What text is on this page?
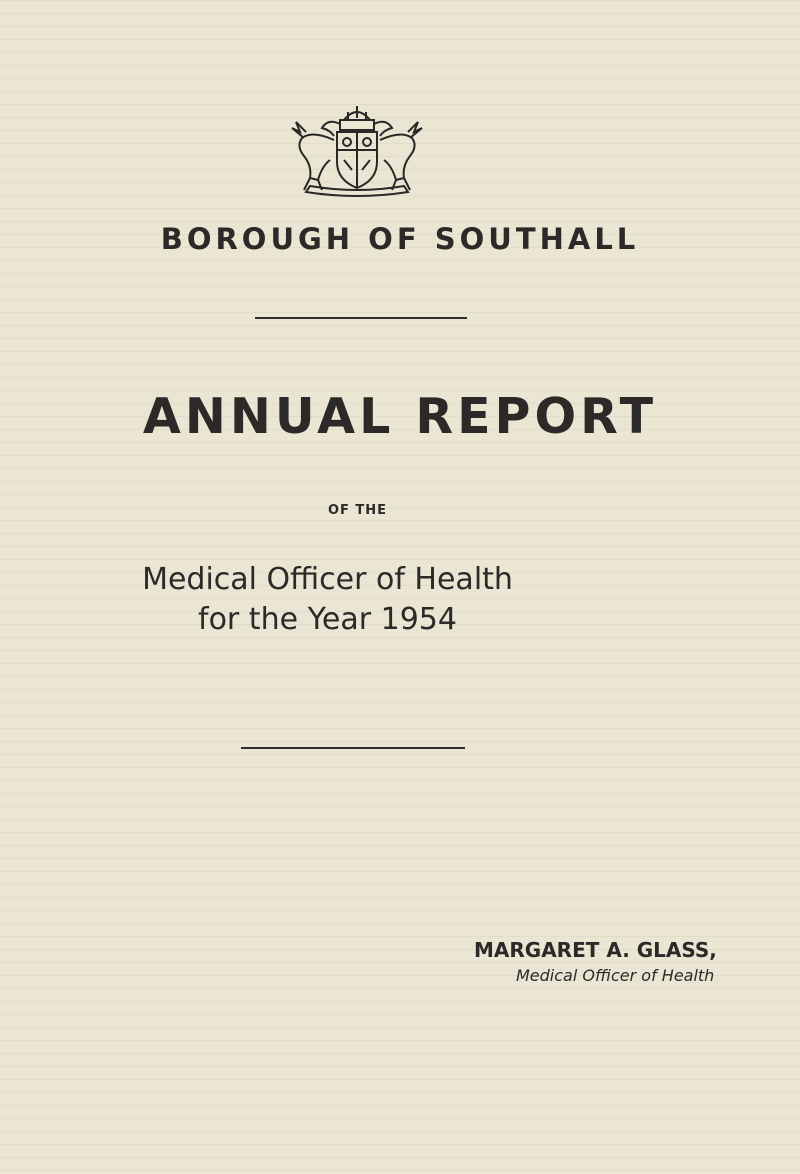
BOROUGH OF SOUTHALL
ANNUAL REPORT
OF THE
Medical Officer of Health
for the Year 1954
MARGARET A. GLASS,
Medical Officer of Health
